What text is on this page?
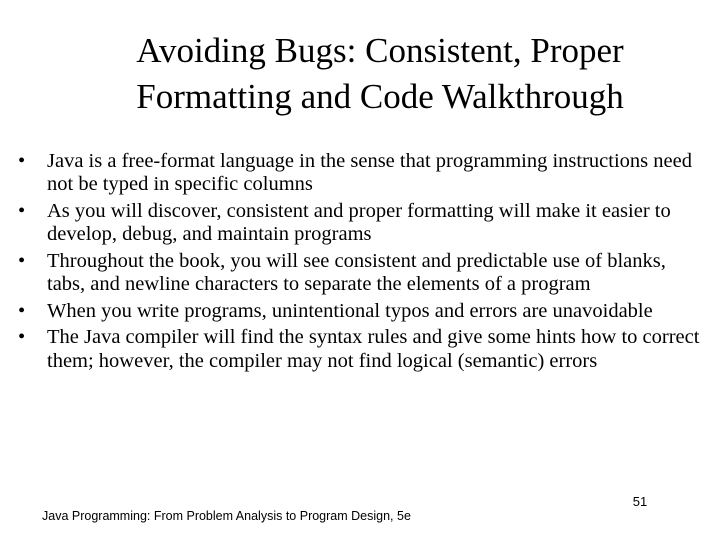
Avoiding Bugs: Consistent, Proper
Formatting and Code Walkthrough
• Java is a free-format language in the sense that programming instructions need not be typed in specific columns
• As you will discover, consistent and proper formatting will make it easier to develop, debug, and maintain programs
• Throughout the book, you will see consistent and predictable use of blanks, tabs, and newline characters to separate the elements of a program
• When you write programs, unintentional typos and errors are unavoidable
• The Java compiler will find the syntax rules and give some hints how to correct them; however, the compiler may not find logical (semantic) errors
Java Programming: From Problem Analysis to Program Design, 5e
51
